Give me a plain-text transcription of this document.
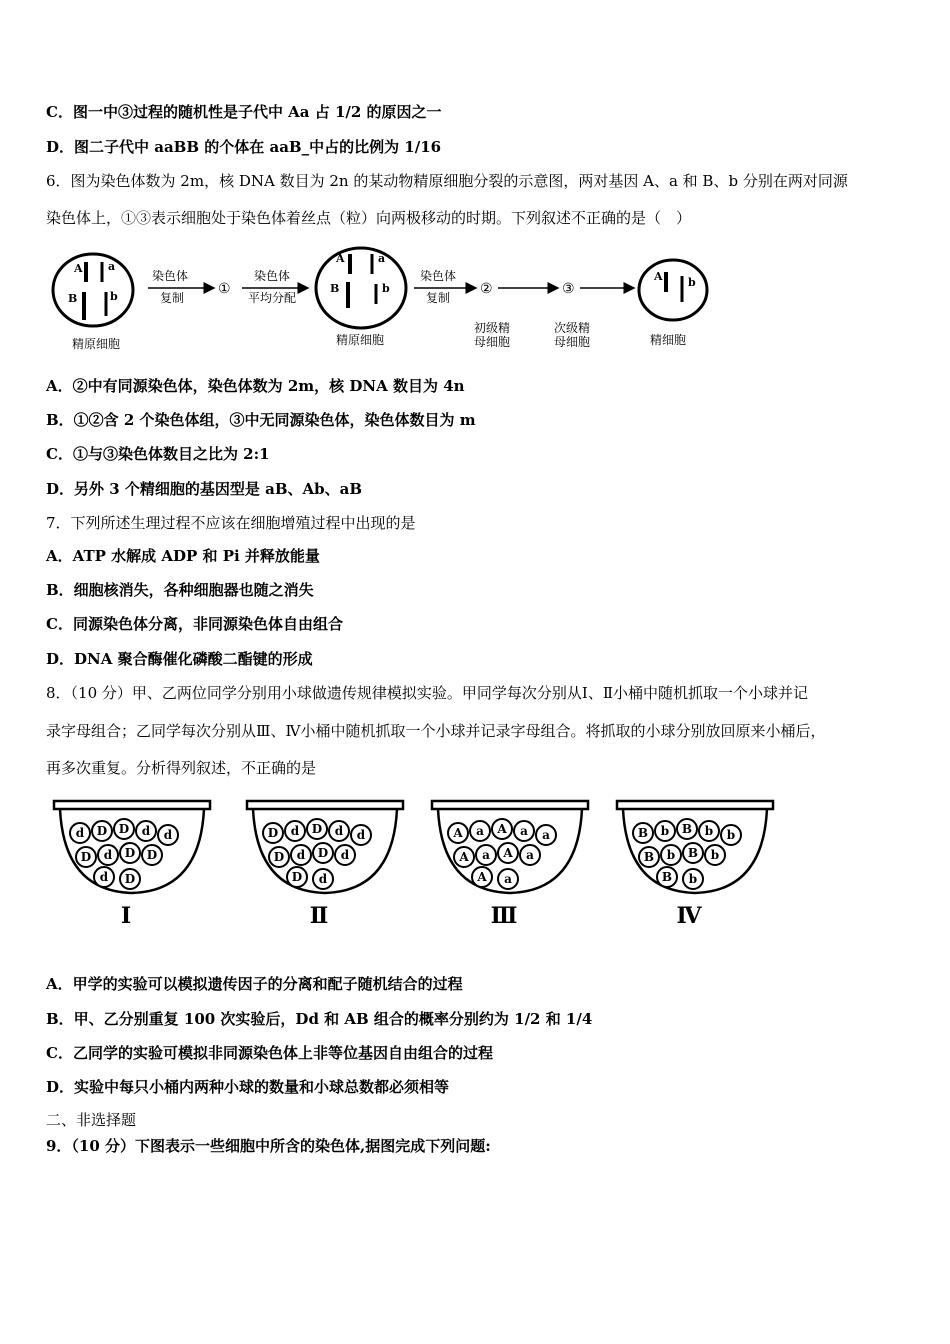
C．图一中③过程的随机性是子代中 Aa 占 1/2 的原因之一
D．图二子代中 aaBB 的个体在 aaB_中占的比例为 1/16
6．图为染色体数为 2m，核 DNA 数目为 2n 的某动物精原细胞分裂的示意图，两对基因 A、a 和 B、b 分别在两对同源
染色体上，①③表示细胞处于染色体着丝点（粒）向两极移动的时期。下列叙述不正确的是（　）
A a
B	b
精原细胞
染色体
复制
①
染色体
平均分配
A	a
B	b
精原细胞
染色体
复制
②
初级精
母细胞
③
次级精
母细胞
A b
精细胞
A．②中有同源染色体，染色体数为 2m，核 DNA 数目为 4n
B．①②含 2 个染色体组，③中无同源染色体，染色体数目为 m
C．①与③染色体数目之比为 2:1
D．另外 3 个精细胞的基因型是 aB、Ab、aB
7．下列所述生理过程不应该在细胞增殖过程中出现的是
A．ATP 水解成 ADP 和 Pi 并释放能量
B．细胞核消失，各种细胞器也随之消失
C．同源染色体分离，非同源染色体自由组合
D．DNA 聚合酶催化磷酸二酯键的形成
8．（10 分）甲、乙两位同学分别用小球做遗传规律模拟实验。甲同学每次分别从Ⅰ、Ⅱ小桶中随机抓取一个小球并记
录字母组合；乙同学每次分别从Ⅲ、Ⅳ小桶中随机抓取一个小球并记录字母组合。将抓取的小球分别放回原来小桶后，
再多次重复。分析得列叙述，不正确的是
d D D d d
D d D D
d D
Ⅰ
D d D d d
D d D d
D d
Ⅱ
A a A a a
A a A a
A a
Ⅲ
B b B b b
B b B b
B b
Ⅳ
A．甲学的实验可以模拟遗传因子的分离和配子随机结合的过程
B．甲、乙分别重复 100 次实验后，Dd 和 AB 组合的概率分别约为 1/2 和 1/4
C．乙同学的实验可模拟非同源染色体上非等位基因自由组合的过程
D．实验中每只小桶内两种小球的数量和小球总数都必须相等
二、非选择题
9．（10 分）下图表示一些细胞中所含的染色体,据图完成下列问题:
